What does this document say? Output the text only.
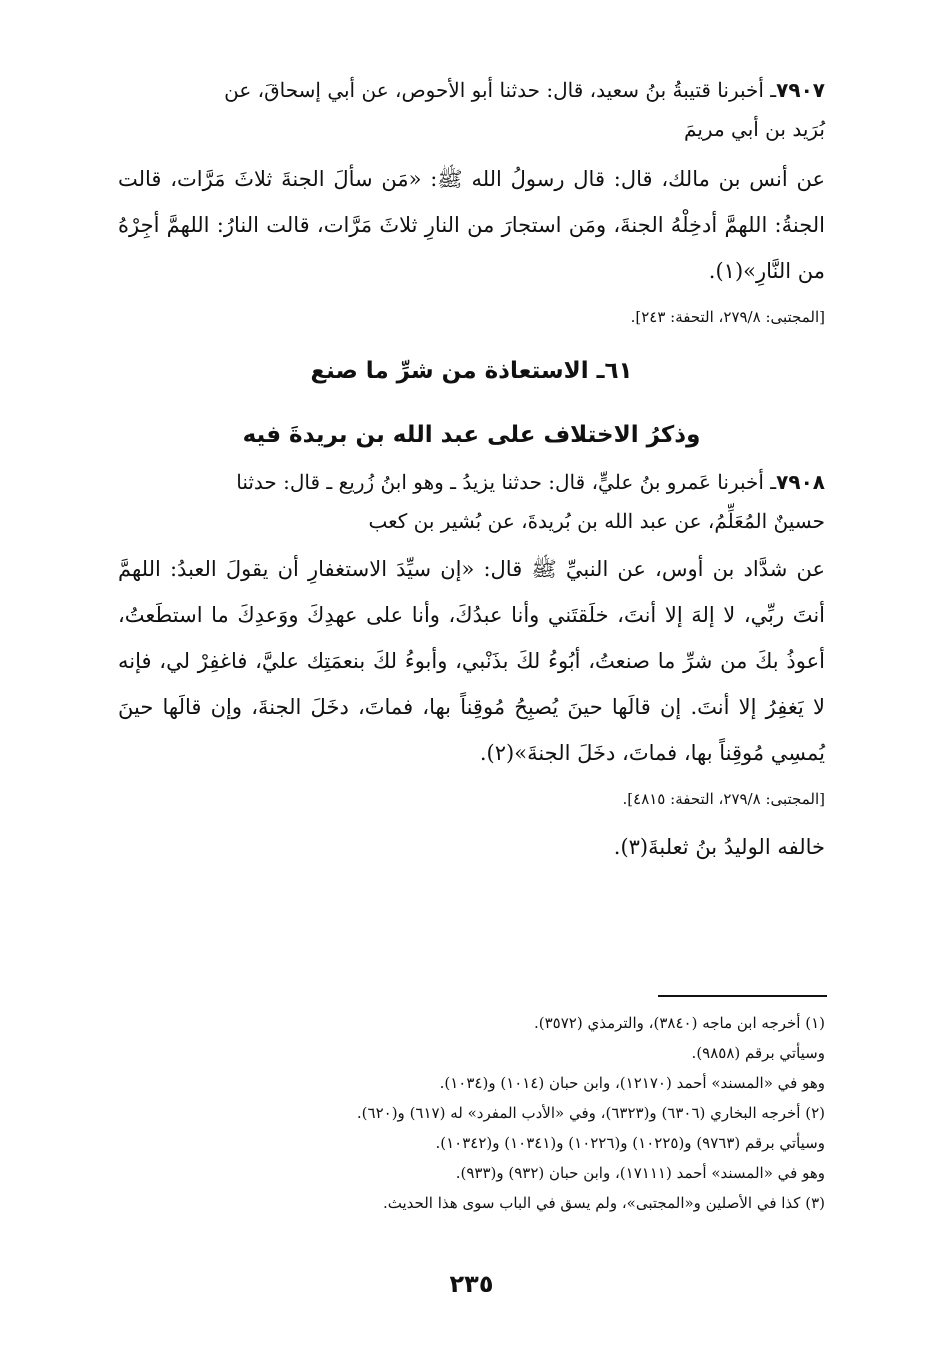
٧٩٠٧ـ أخبرنا قتيبةُ بنُ سعيد، قال: حدثنا أبو الأحوص، عن أبي إسحاقَ، عن
بُرَيد بن أبي مريمَ

عن أنس بن مالك، قال: قال رسولُ الله ﷺ: «مَن سألَ الجنةَ ثلاثَ مَرَّات، قالت الجنةُ: اللهمَّ أدخِلْهُ الجنةَ، ومَن استجارَ من النارِ ثلاثَ مَرَّات، قالت النارُ: اللهمَّ أجِرْهُ من النَّارِ»(١).

[المجتبى: ٢٧٩/٨، التحفة: ٢٤٣].
٦١ـ الاستعاذة من شرِّ ما صنع
وذكرُ الاختلاف على عبد الله بن بريدةَ فيه
٧٩٠٨ـ أخبرنا عَمرو بنُ عليٍّ، قال: حدثنا يزيدُ ـ وهو ابنُ زُريع ـ قال: حدثنا
حسينٌ المُعَلِّمُ، عن عبد الله بن بُريدةَ، عن بُشير بن كعب

عن شدَّاد بن أوس، عن النبيِّ ﷺ قال: «إن سيِّدَ الاستغفارِ أن يقولَ العبدُ: اللهمَّ أنتَ ربِّي، لا إلهَ إلا أنتَ، خلَقتَني وأنا عبدُكَ، وأنا على عهدِكَ ووَعدِكَ ما استطَعتُ، أعوذُ بكَ من شرِّ ما صنعتُ، أبُوءُ لكَ بذَنْبي، وأبوءُ لكَ بنعمَتِك عليَّ، فاغفِرْ لي، فإنه لا يَغفِرُ إلا أنتَ. إن قالَها حينَ يُصبِحُ مُوقِناً بها، فماتَ، دخَلَ الجنةَ، وإن قالَها حينَ يُمسِي مُوقِناً بها، فماتَ، دخَلَ الجنةَ»(٢).

[المجتبى: ٢٧٩/٨، التحفة: ٤٨١٥].
خالفه الوليدُ بنُ ثعلبةَ(٣).
(١) أخرجه ابن ماجه (٣٨٤٠)، والترمذي (٣٥٧٢).
وسيأتي برقم (٩٨٥٨).
وهو في «المسند» أحمد (١٢١٧٠)، وابن حبان (١٠١٤) و(١٠٣٤).
(٢) أخرجه البخاري (٦٣٠٦) و(٦٣٢٣)، وفي «الأدب المفرد» له (٦١٧) و(٦٢٠).
وسيأتي برقم (٩٧٦٣) و(١٠٢٢٥) و(١٠٢٢٦) و(١٠٣٤١) و(١٠٣٤٢).
وهو في «المسند» أحمد (١٧١١١)، وابن حبان (٩٣٢) و(٩٣٣).
(٣) كذا في الأصلين و«المجتبى»، ولم يسق في الباب سوى هذا الحديث.
٢٣٥
